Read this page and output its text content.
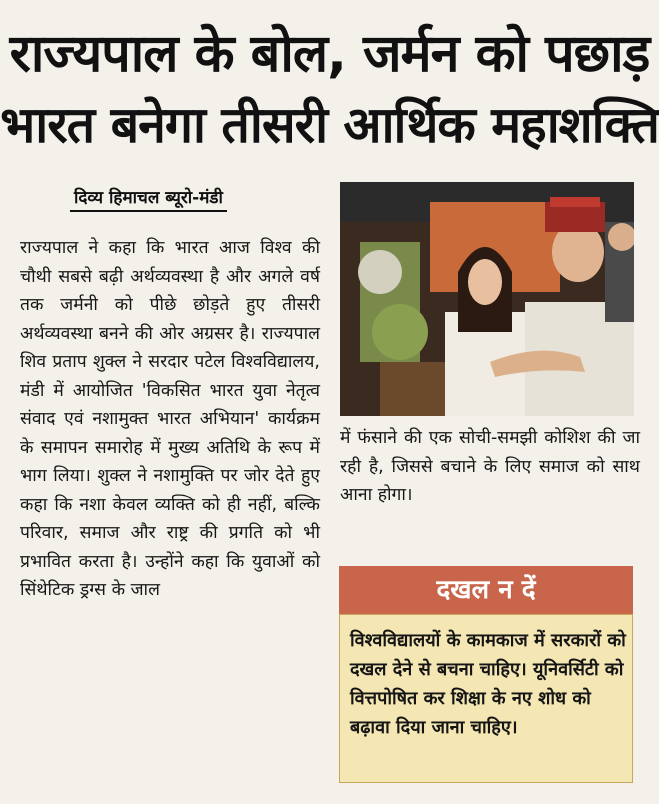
राज्यपाल के बोल, जर्मन को पछाड़
भारत बनेगा तीसरी आर्थिक महाशक्ति
दिव्य हिमाचल ब्यूरो-मंडी
राज्यपाल ने कहा कि भारत आज विश्व की चौथी सबसे बढ़ी अर्थव्यवस्था है और अगले वर्ष तक जर्मनी को पीछे छोड़ते हुए तीसरी अर्थव्यवस्था बनने की ओर अग्रसर है। राज्यपाल शिव प्रताप शुक्ल ने सरदार पटेल विश्वविद्यालय, मंडी में आयोजित 'विकसित भारत युवा नेतृत्व संवाद एवं नशामुक्त भारत अभियान' कार्यक्रम के समापन समारोह में मुख्य अतिथि के रूप में भाग लिया। शुक्ल ने नशामुक्ति पर जोर देते हुए कहा कि नशा केवल व्यक्ति को ही नहीं, बल्कि परिवार, समाज और राष्ट्र की प्रगति को भी प्रभावित करता है। उन्होंने कहा कि युवाओं को सिंथेटिक ड्रग्स के जाल
में फंसाने की एक सोची-समझी कोशिश की जा रही है, जिससे बचाने के लिए समाज को साथ आना होगा।
दखल न दें
विश्वविद्यालयों के कामकाज में सरकारों को दखल देने से बचना चाहिए। यूनिवर्सिटी को वित्तपोषित कर शिक्षा के नए शोध को बढ़ावा दिया जाना चाहिए।
